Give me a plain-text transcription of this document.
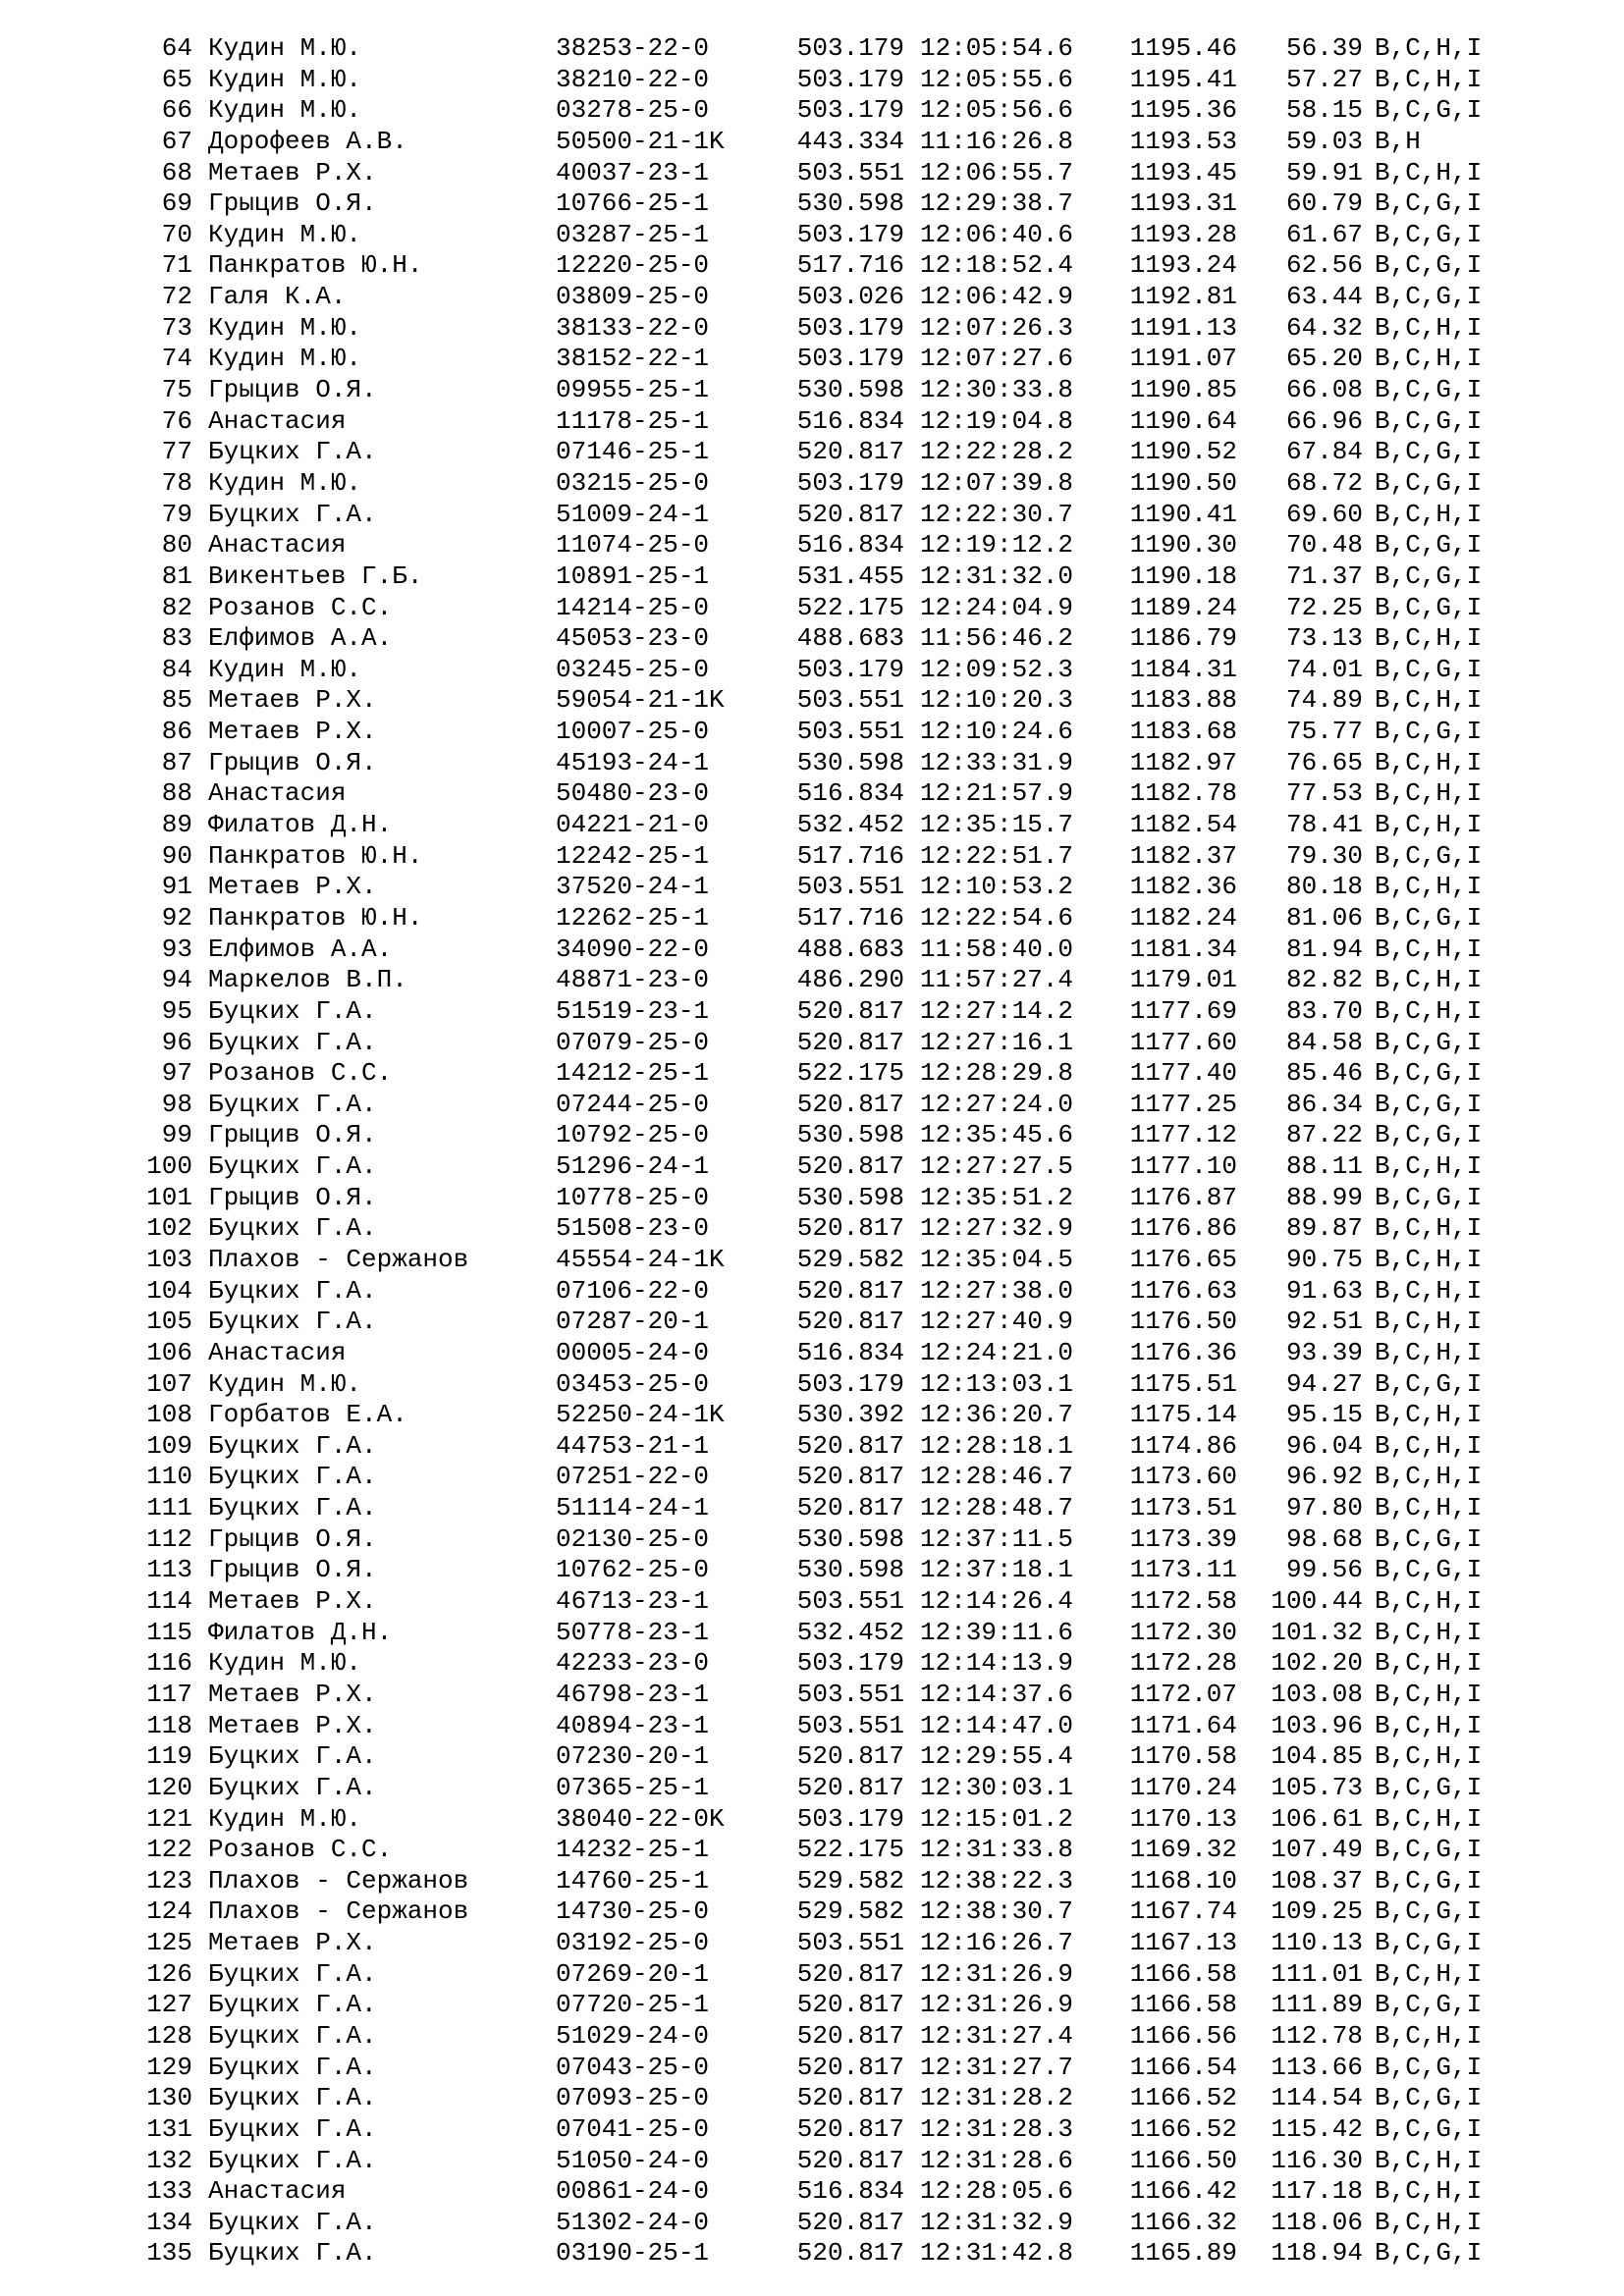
64 Кудин М.Ю.	38253-22-0	503.179 12:05:54.6	1195.46	56.39 B,C,H,I
65 Кудин М.Ю.	38210-22-0	503.179 12:05:55.6	1195.41	57.27 B,C,H,I
66 Кудин М.Ю.	03278-25-0	503.179 12:05:56.6	1195.36	58.15 B,C,G,I
67 Дорофеев А.В.	50500-21-1K	443.334 11:16:26.8	1193.53	59.03 B,H
68 Метаев Р.Х.	40037-23-1	503.551 12:06:55.7	1193.45	59.91 B,C,H,I
69 Грыцив О.Я.	10766-25-1	530.598 12:29:38.7	1193.31	60.79 B,C,G,I
70 Кудин М.Ю.	03287-25-1	503.179 12:06:40.6	1193.28	61.67 B,C,G,I
71 Панкратов Ю.Н.	12220-25-0	517.716 12:18:52.4	1193.24	62.56 B,C,G,I
72 Галя К.А.	03809-25-0	503.026 12:06:42.9	1192.81	63.44 B,C,G,I
73 Кудин М.Ю.	38133-22-0	503.179 12:07:26.3	1191.13	64.32 B,C,H,I
74 Кудин М.Ю.	38152-22-1	503.179 12:07:27.6	1191.07	65.20 B,C,H,I
75 Грыцив О.Я.	09955-25-1	530.598 12:30:33.8	1190.85	66.08 B,C,G,I
76 Анастасия	11178-25-1	516.834 12:19:04.8	1190.64	66.96 B,C,G,I
77 Буцких Г.А.	07146-25-1	520.817 12:22:28.2	1190.52	67.84 B,C,G,I
78 Кудин М.Ю.	03215-25-0	503.179 12:07:39.8	1190.50	68.72 B,C,G,I
79 Буцких Г.А.	51009-24-1	520.817 12:22:30.7	1190.41	69.60 B,C,H,I
80 Анастасия	11074-25-0	516.834 12:19:12.2	1190.30	70.48 B,C,G,I
81 Викентьев Г.Б.	10891-25-1	531.455 12:31:32.0	1190.18	71.37 B,C,G,I
82 Розанов С.С.	14214-25-0	522.175 12:24:04.9	1189.24	72.25 B,C,G,I
83 Елфимов А.А.	45053-23-0	488.683 11:56:46.2	1186.79	73.13 B,C,H,I
84 Кудин М.Ю.	03245-25-0	503.179 12:09:52.3	1184.31	74.01 B,C,G,I
85 Метаев Р.Х.	59054-21-1K	503.551 12:10:20.3	1183.88	74.89 B,C,H,I
86 Метаев Р.Х.	10007-25-0	503.551 12:10:24.6	1183.68	75.77 B,C,G,I
87 Грыцив О.Я.	45193-24-1	530.598 12:33:31.9	1182.97	76.65 B,C,H,I
88 Анастасия	50480-23-0	516.834 12:21:57.9	1182.78	77.53 B,C,H,I
89 Филатов Д.Н.	04221-21-0	532.452 12:35:15.7	1182.54	78.41 B,C,H,I
90 Панкратов Ю.Н.	12242-25-1	517.716 12:22:51.7	1182.37	79.30 B,C,G,I
91 Метаев Р.Х.	37520-24-1	503.551 12:10:53.2	1182.36	80.18 B,C,H,I
92 Панкратов Ю.Н.	12262-25-1	517.716 12:22:54.6	1182.24	81.06 B,C,G,I
93 Елфимов А.А.	34090-22-0	488.683 11:58:40.0	1181.34	81.94 B,C,H,I
94 Маркелов В.П.	48871-23-0	486.290 11:57:27.4	1179.01	82.82 B,C,H,I
95 Буцких Г.А.	51519-23-1	520.817 12:27:14.2	1177.69	83.70 B,C,H,I
96 Буцких Г.А.	07079-25-0	520.817 12:27:16.1	1177.60	84.58 B,C,G,I
97 Розанов С.С.	14212-25-1	522.175 12:28:29.8	1177.40	85.46 B,C,G,I
98 Буцких Г.А.	07244-25-0	520.817 12:27:24.0	1177.25	86.34 B,C,G,I
99 Грыцив О.Я.	10792-25-0	530.598 12:35:45.6	1177.12	87.22 B,C,G,I
100 Буцких Г.А.	51296-24-1	520.817 12:27:27.5	1177.10	88.11 B,C,H,I
101 Грыцив О.Я.	10778-25-0	530.598 12:35:51.2	1176.87	88.99 B,C,G,I
102 Буцких Г.А.	51508-23-0	520.817 12:27:32.9	1176.86	89.87 B,C,H,I
103 Плахов - Сержанов	45554-24-1K	529.582 12:35:04.5	1176.65	90.75 B,C,H,I
104 Буцких Г.А.	07106-22-0	520.817 12:27:38.0	1176.63	91.63 B,C,H,I
105 Буцких Г.А.	07287-20-1	520.817 12:27:40.9	1176.50	92.51 B,C,H,I
106 Анастасия	00005-24-0	516.834 12:24:21.0	1176.36	93.39 B,C,H,I
107 Кудин М.Ю.	03453-25-0	503.179 12:13:03.1	1175.51	94.27 B,C,G,I
108 Горбатов Е.А.	52250-24-1K	530.392 12:36:20.7	1175.14	95.15 B,C,H,I
109 Буцких Г.А.	44753-21-1	520.817 12:28:18.1	1174.86	96.04 B,C,H,I
110 Буцких Г.А.	07251-22-0	520.817 12:28:46.7	1173.60	96.92 B,C,H,I
111 Буцких Г.А.	51114-24-1	520.817 12:28:48.7	1173.51	97.80 B,C,H,I
112 Грыцив О.Я.	02130-25-0	530.598 12:37:11.5	1173.39	98.68 B,C,G,I
113 Грыцив О.Я.	10762-25-0	530.598 12:37:18.1	1173.11	99.56 B,C,G,I
114 Метаев Р.Х.	46713-23-1	503.551 12:14:26.4	1172.58	100.44 B,C,H,I
115 Филатов Д.Н.	50778-23-1	532.452 12:39:11.6	1172.30	101.32 B,C,H,I
116 Кудин М.Ю.	42233-23-0	503.179 12:14:13.9	1172.28	102.20 B,C,H,I
117 Метаев Р.Х.	46798-23-1	503.551 12:14:37.6	1172.07	103.08 B,C,H,I
118 Метаев Р.Х.	40894-23-1	503.551 12:14:47.0	1171.64	103.96 B,C,H,I
119 Буцких Г.А.	07230-20-1	520.817 12:29:55.4	1170.58	104.85 B,C,H,I
120 Буцких Г.А.	07365-25-1	520.817 12:30:03.1	1170.24	105.73 B,C,G,I
121 Кудин М.Ю.	38040-22-0K	503.179 12:15:01.2	1170.13	106.61 B,C,H,I
122 Розанов С.С.	14232-25-1	522.175 12:31:33.8	1169.32	107.49 B,C,G,I
123 Плахов - Сержанов	14760-25-1	529.582 12:38:22.3	1168.10	108.37 B,C,G,I
124 Плахов - Сержанов	14730-25-0	529.582 12:38:30.7	1167.74	109.25 B,C,G,I
125 Метаев Р.Х.	03192-25-0	503.551 12:16:26.7	1167.13	110.13 B,C,G,I
126 Буцких Г.А.	07269-20-1	520.817 12:31:26.9	1166.58	111.01 B,C,H,I
127 Буцких Г.А.	07720-25-1	520.817 12:31:26.9	1166.58	111.89 B,C,G,I
128 Буцких Г.А.	51029-24-0	520.817 12:31:27.4	1166.56	112.78 B,C,H,I
129 Буцких Г.А.	07043-25-0	520.817 12:31:27.7	1166.54	113.66 B,C,G,I
130 Буцких Г.А.	07093-25-0	520.817 12:31:28.2	1166.52	114.54 B,C,G,I
131 Буцких Г.А.	07041-25-0	520.817 12:31:28.3	1166.52	115.42 B,C,G,I
132 Буцких Г.А.	51050-24-0	520.817 12:31:28.6	1166.50	116.30 B,C,H,I
133 Анастасия	00861-24-0	516.834 12:28:05.6	1166.42	117.18 B,C,H,I
134 Буцких Г.А.	51302-24-0	520.817 12:31:32.9	1166.32	118.06 B,C,H,I
135 Буцких Г.А.	03190-25-1	520.817 12:31:42.8	1165.89	118.94 B,C,G,I
